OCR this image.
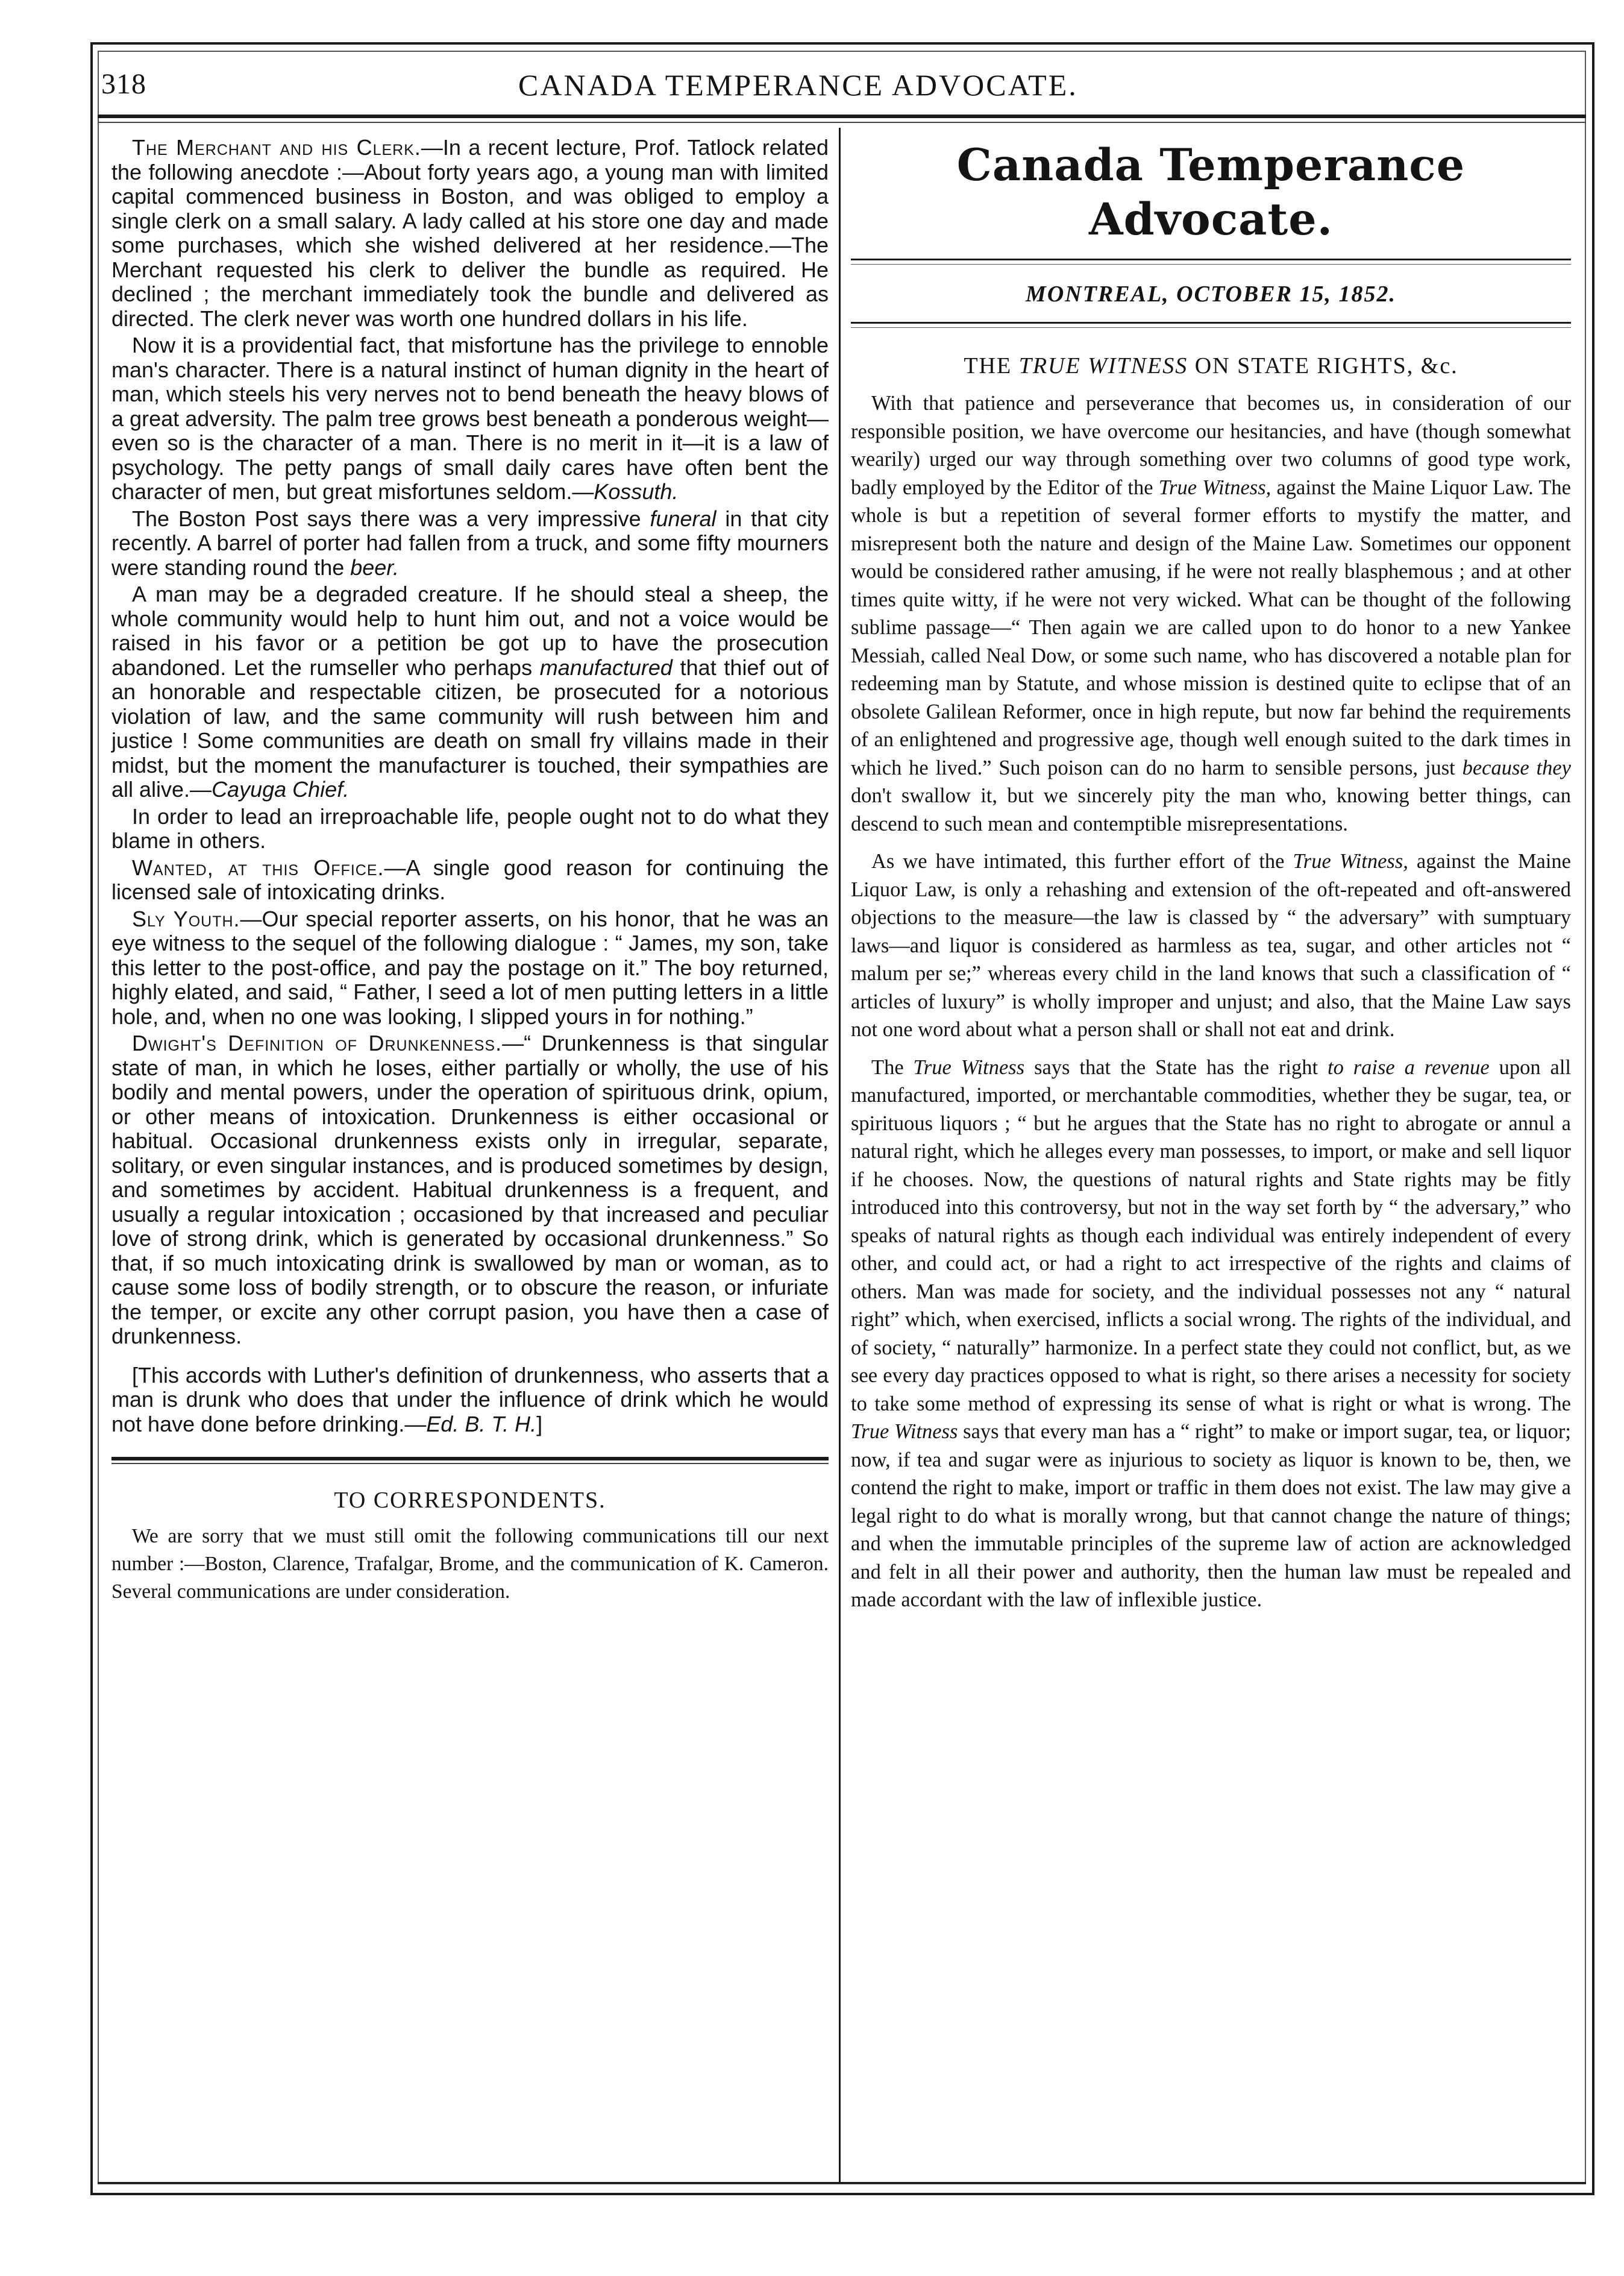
318	CANADA TEMPERANCE ADVOCATE.

The Merchant and his Clerk.—In a recent lecture, Prof. Tatlock related the following anecdote :—About forty years ago, a young man with limited capital commenced business in Boston, and was obliged to employ a single clerk on a small salary. A lady called at his store one day and made some purchases, which she wished delivered at her residence.—The Merchant requested his clerk to deliver the bundle as required. He declined ; the merchant immediately took the bundle and delivered as directed. The clerk never was worth one hundred dollars in his life.

Now it is a providential fact, that misfortune has the privilege to ennoble man's character. There is a natural instinct of human dignity in the heart of man, which steels his very nerves not to bend beneath the heavy blows of a great adversity. The palm tree grows best beneath a ponderous weight—even so is the character of a man. There is no merit in it—it is a law of psychology. The petty pangs of small daily cares have often bent the character of men, but great misfortunes seldom.—Kossuth.

The Boston Post says there was a very impressive funeral in that city recently. A barrel of porter had fallen from a truck, and some fifty mourners were standing round the beer.

A man may be a degraded creature. If he should steal a sheep, the whole community would help to hunt him out, and not a voice would be raised in his favor or a petition be got up to have the prosecution abandoned. Let the rumseller who perhaps manufactured that thief out of an honorable and respectable citizen, be prosecuted for a notorious violation of law, and the same community will rush between him and justice ! Some communities are death on small fry villains made in their midst, but the moment the manufacturer is touched, their sympathies are all alive.—Cayuga Chief.

In order to lead an irreproachable life, people ought not to do what they blame in others.

Wanted, at this Office.—A single good reason for continuing the licensed sale of intoxicating drinks.

Sly Youth.—Our special reporter asserts, on his honor, that he was an eye witness to the sequel of the following dialogue : “ James, my son, take this letter to the post-office, and pay the postage on it.” The boy returned, highly elated, and said, “ Father, I seed a lot of men putting letters in a little hole, and, when no one was looking, I slipped yours in for nothing.”

Dwight's Definition of Drunkenness.—“ Drunkenness is that singular state of man, in which he loses, either partially or wholly, the use of his bodily and mental powers, under the operation of spirituous drink, opium, or other means of intoxication. Drunkenness is either occasional or habitual. Occasional drunkenness exists only in irregular, separate, solitary, or even singular instances, and is produced sometimes by design, and sometimes by accident. Habitual drunkenness is a frequent, and usually a regular intoxication ; occasioned by that increased and peculiar love of strong drink, which is generated by occasional drunkenness.” So that, if so much intoxicating drink is swallowed by man or woman, as to cause some loss of bodily strength, or to obscure the reason, or infuriate the temper, or excite any other corrupt pasion, you have then a case of drunkenness.

[This accords with Luther's definition of drunkenness, who asserts that a man is drunk who does that under the influence of drink which he would not have done before drinking.—Ed. B. T. H.]

TO CORRESPONDENTS.
We are sorry that we must still omit the following communications till our next number :—Boston, Clarence, Trafalgar, Brome, and the communication of K. Cameron. Several communications are under consideration.
Canada Temperance Advocate.
MONTREAL, OCTOBER 15, 1852.
THE TRUE WITNESS ON STATE RIGHTS, &c.

With that patience and perseverance that becomes us, in consideration of our responsible position, we have overcome our hesitancies, and have (though somewhat wearily) urged our way through something over two columns of good type work, badly employed by the Editor of the True Witness, against the Maine Liquor Law. The whole is but a repetition of several former efforts to mystify the matter, and misrepresent both the nature and design of the Maine Law. Sometimes our opponent would be considered rather amusing, if he were not really blasphemous ; and at other times quite witty, if he were not very wicked. What can be thought of the following sublime passage—“ Then again we are called upon to do honor to a new Yankee Messiah, called Neal Dow, or some such name, who has discovered a notable plan for redeeming man by Statute, and whose mission is destined quite to eclipse that of an obsolete Galilean Reformer, once in high repute, but now far behind the requirements of an enlightened and progressive age, though well enough suited to the dark times in which he lived.” Such poison can do no harm to sensible persons, just because they don't swallow it, but we sincerely pity the man who, knowing better things, can descend to such mean and contemptible misrepresentations.

As we have intimated, this further effort of the True Witness, against the Maine Liquor Law, is only a rehashing and extension of the oft-repeated and oft-answered objections to the measure—the law is classed by “ the adversary” with sumptuary laws—and liquor is considered as harmless as tea, sugar, and other articles not “ malum per se;” whereas every child in the land knows that such a classification of “ articles of luxury” is wholly improper and unjust; and also, that the Maine Law says not one word about what a person shall or shall not eat and drink.

The True Witness says that the State has the right to raise a revenue upon all manufactured, imported, or merchantable commodities, whether they be sugar, tea, or spirituous liquors ; “ but he argues that the State has no right to abrogate or annul a natural right, which he alleges every man possesses, to import, or make and sell liquor if he chooses. Now, the questions of natural rights and State rights may be fitly introduced into this controversy, but not in the way set forth by “ the adversary,” who speaks of natural rights as though each individual was entirely independent of every other, and could act, or had a right to act irrespective of the rights and claims of others. Man was made for society, and the individual possesses not any “ natural right” which, when exercised, inflicts a social wrong. The rights of the individual, and of society, “ naturally” harmonize. In a perfect state they could not conflict, but, as we see every day practices opposed to what is right, so there arises a necessity for society to take some method of expressing its sense of what is right or what is wrong. The True Witness says that every man has a “ right” to make or import sugar, tea, or liquor; now, if tea and sugar were as injurious to society as liquor is known to be, then, we contend the right to make, import or traffic in them does not exist. The law may give a legal right to do what is morally wrong, but that cannot change the nature of things; and when the immutable principles of the supreme law of action are acknowledged and felt in all their power and authority, then the human law must be repealed and made accordant with the law of inflexible justice.
